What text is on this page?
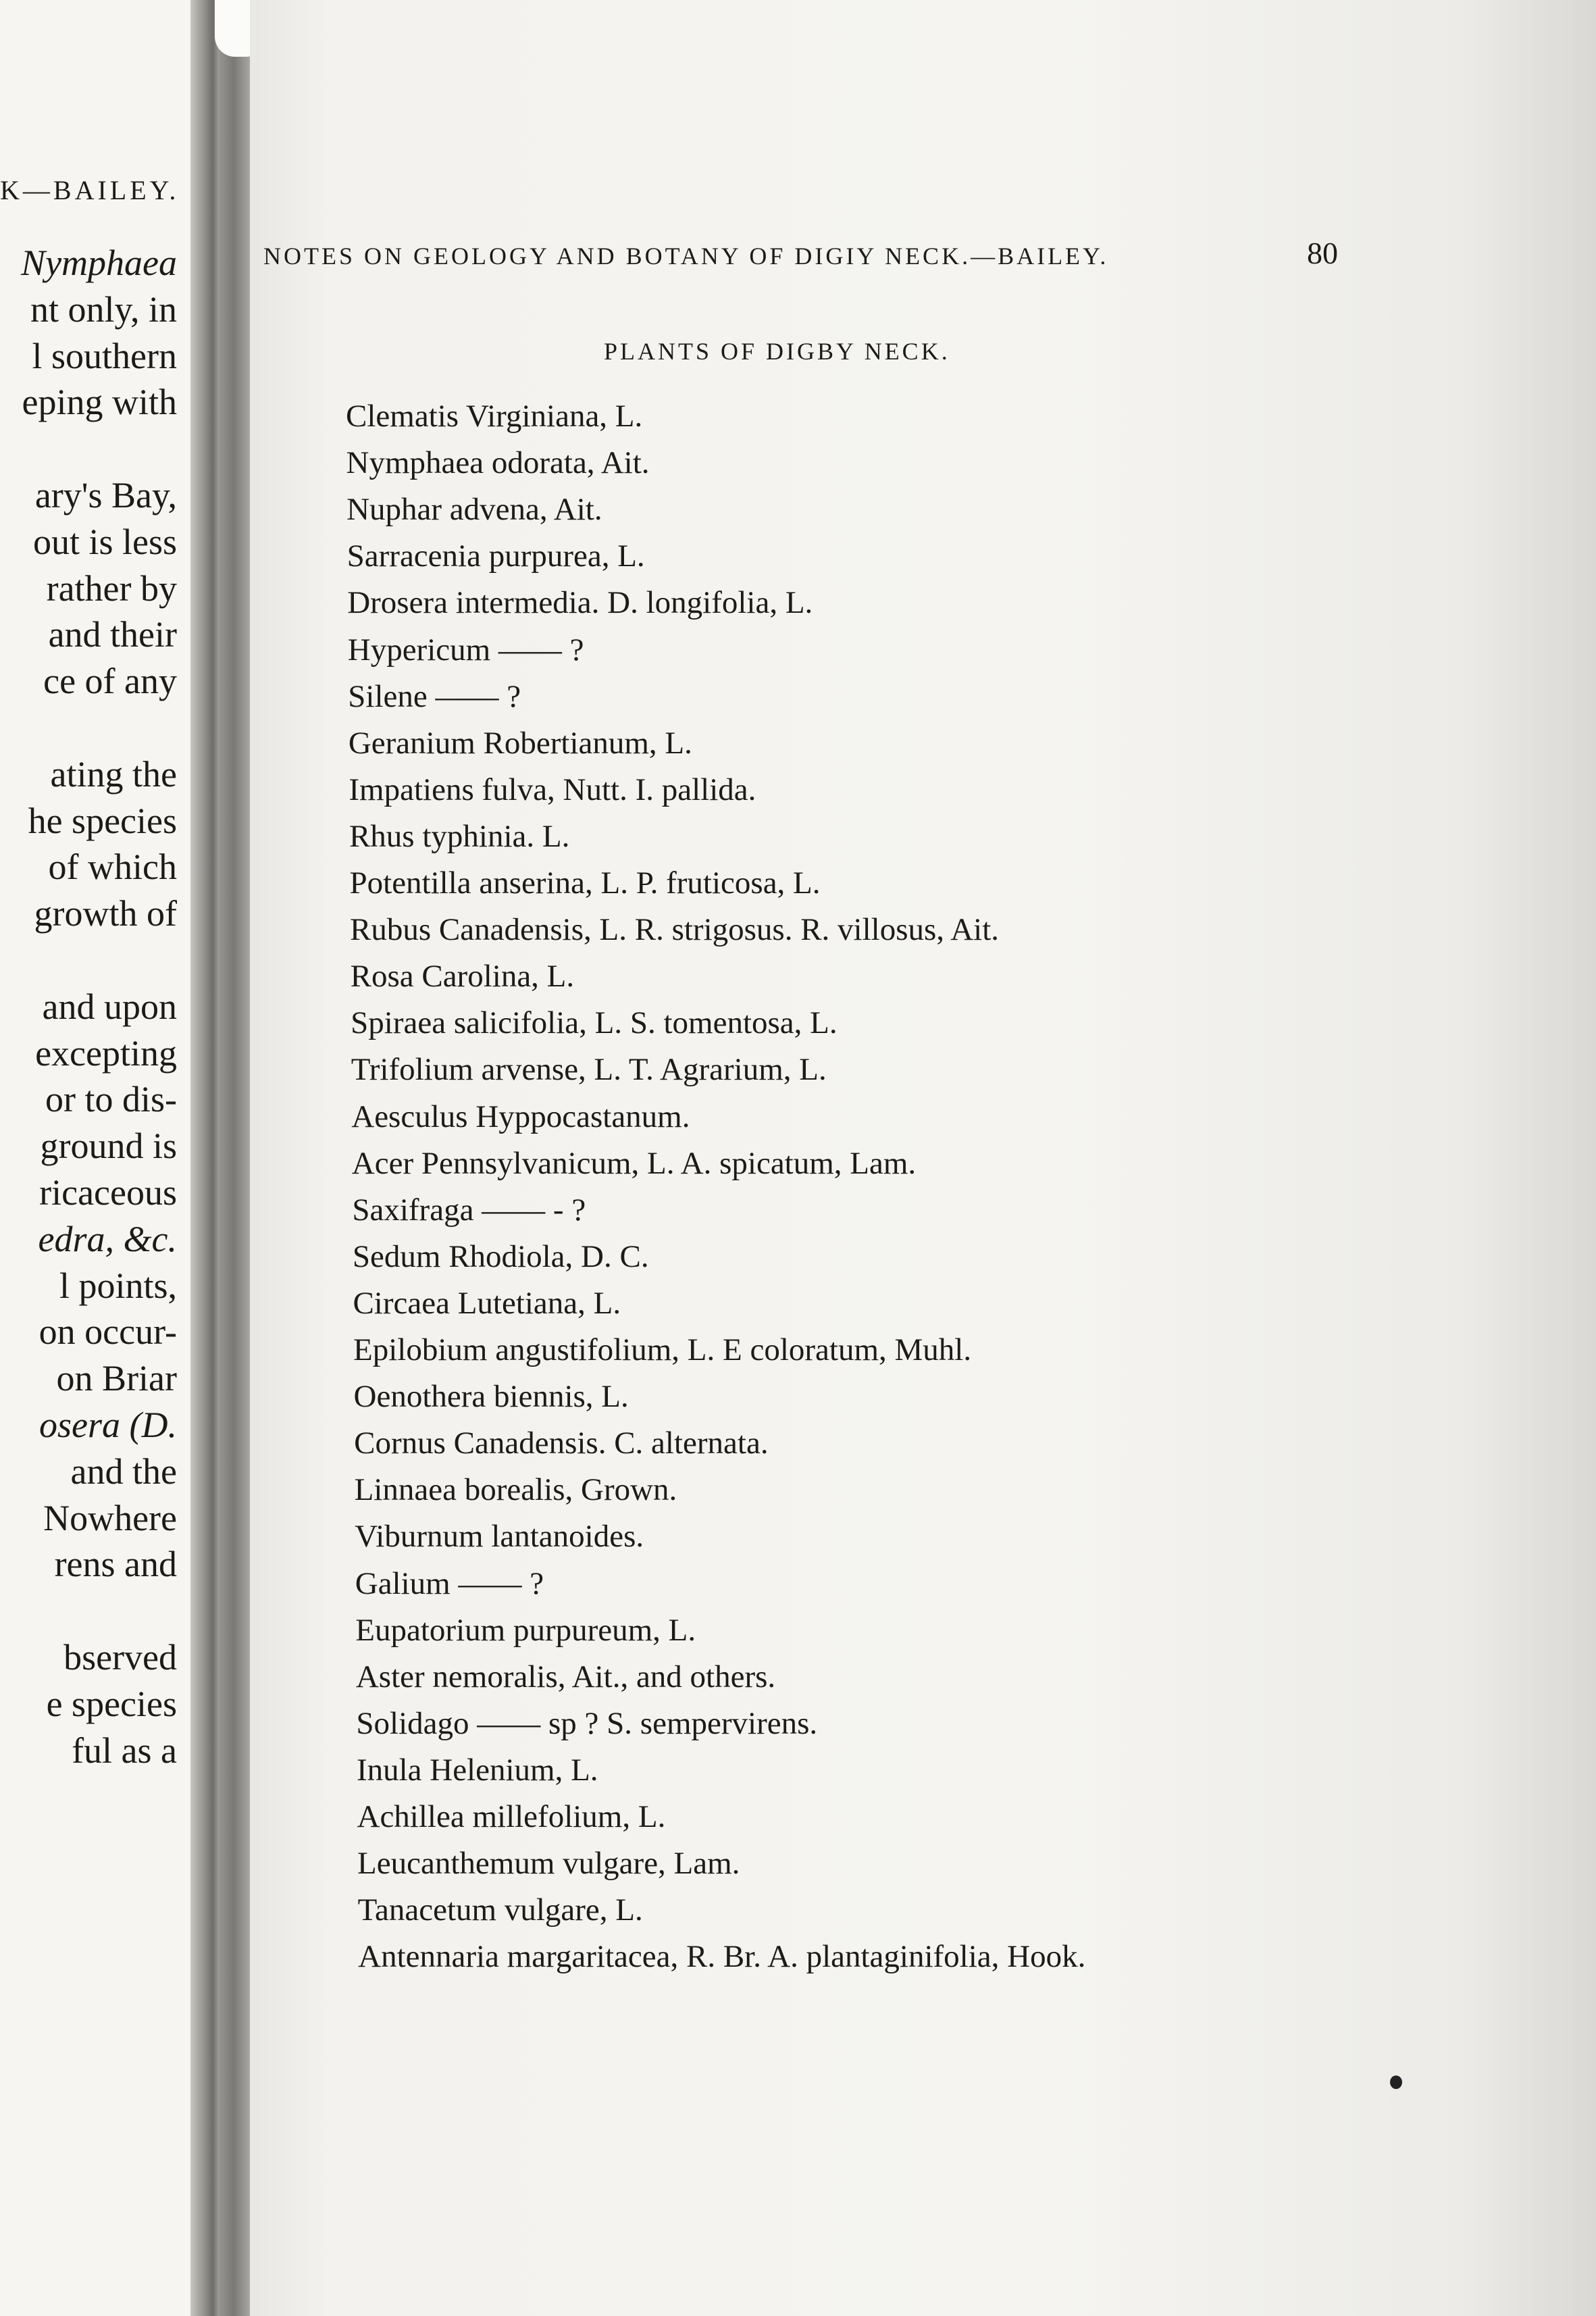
K—BAILEY.
Nymphaea
nt only, in
l southern
eping with
ary's Bay,
out is less
rather by
and their
ce of any
ating the
he species
of which
growth of
and upon
excepting
or to dis-
ground is
ricaceous
edra, &c.
l points,
on occur-
on Briar
osera (D.
and the
Nowhere
rens and
bserved
e species
ful as a
NOTES ON GEOLOGY AND BOTANY OF DIGIY NECK.—BAILEY.	80
PLANTS OF DIGBY NECK.
Clematis Virginiana, L.
Nymphaea odorata, Ait.
Nuphar advena, Ait.
Sarracenia purpurea, L.
Drosera intermedia. D. longifolia, L.
Hypericum —— ?
Silene —— ?
Geranium Robertianum, L.
Impatiens fulva, Nutt. I. pallida.
Rhus typhinia. L.
Potentilla anserina, L. P. fruticosa, L.
Rubus Canadensis, L. R. strigosus. R. villosus, Ait.
Rosa Carolina, L.
Spiraea salicifolia, L. S. tomentosa, L.
Trifolium arvense, L. T. Agrarium, L.
Aesculus Hyppocastanum.
Acer Pennsylvanicum, L. A. spicatum, Lam.
Saxifraga —— - ?
Sedum Rhodiola, D. C.
Circaea Lutetiana, L.
Epilobium angustifolium, L. E coloratum, Muhl.
Oenothera biennis, L.
Cornus Canadensis. C. alternata.
Linnaea borealis, Grown.
Viburnum lantanoides.
Galium —— ?
Eupatorium purpureum, L.
Aster nemoralis, Ait., and others.
Solidago —— sp ? S. sempervirens.
Inula Helenium, L.
Achillea millefolium, L.
Leucanthemum vulgare, Lam.
Tanacetum vulgare, L.
Antennaria margaritacea, R. Br. A. plantaginifolia, Hook.
